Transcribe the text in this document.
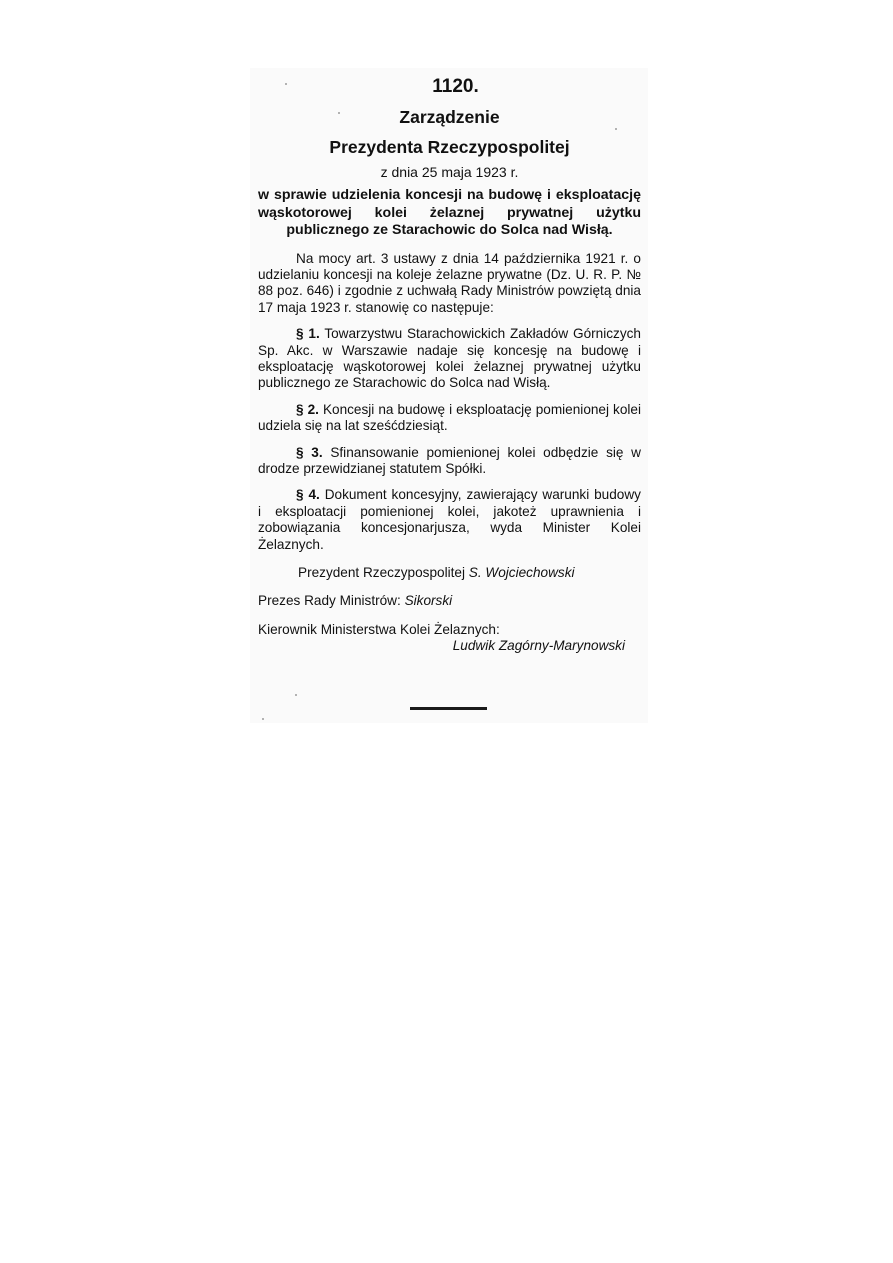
1120.
Zarządzenie
Prezydenta Rzeczypospolitej
z dnia 25 maja 1923 r.
w sprawie udzielenia koncesji na budowę i eksploatację wąskotorowej kolei żelaznej prywatnej użytku publicznego ze Starachowic do Solca nad Wisłą.

Na mocy art. 3 ustawy z dnia 14 października 1921 r. o udzielaniu koncesji na koleje żelazne prywatne (Dz. U. R. P. № 88 poz. 646) i zgodnie z uchwałą Rady Ministrów powziętą dnia 17 maja 1923 r. stanowię co następuje:

§ 1. Towarzystwu Starachowickich Zakładów Górniczych Sp. Akc. w Warszawie nadaje się koncesję na budowę i eksploatację wąskotorowej kolei żelaznej prywatnej użytku publicznego ze Starachowic do Solca nad Wisłą.

§ 2. Koncesji na budowę i eksploatację pomienionej kolei udziela się na lat sześćdziesiąt.

§ 3. Sfinansowanie pomienionej kolei odbędzie się w drodze przewidzianej statutem Spółki.

§ 4. Dokument koncesyjny, zawierający warunki budowy i eksploatacji pomienionej kolei, jakoteż uprawnienia i zobowiązania koncesjonarjusza, wyda Minister Kolei Żelaznych.

Prezydent Rzeczypospolitej S. Wojciechowski
Prezes Rady Ministrów: Sikorski
Kierownik Ministerstwa Kolei Żelaznych:
Ludwik Zagórny-Marynowski
